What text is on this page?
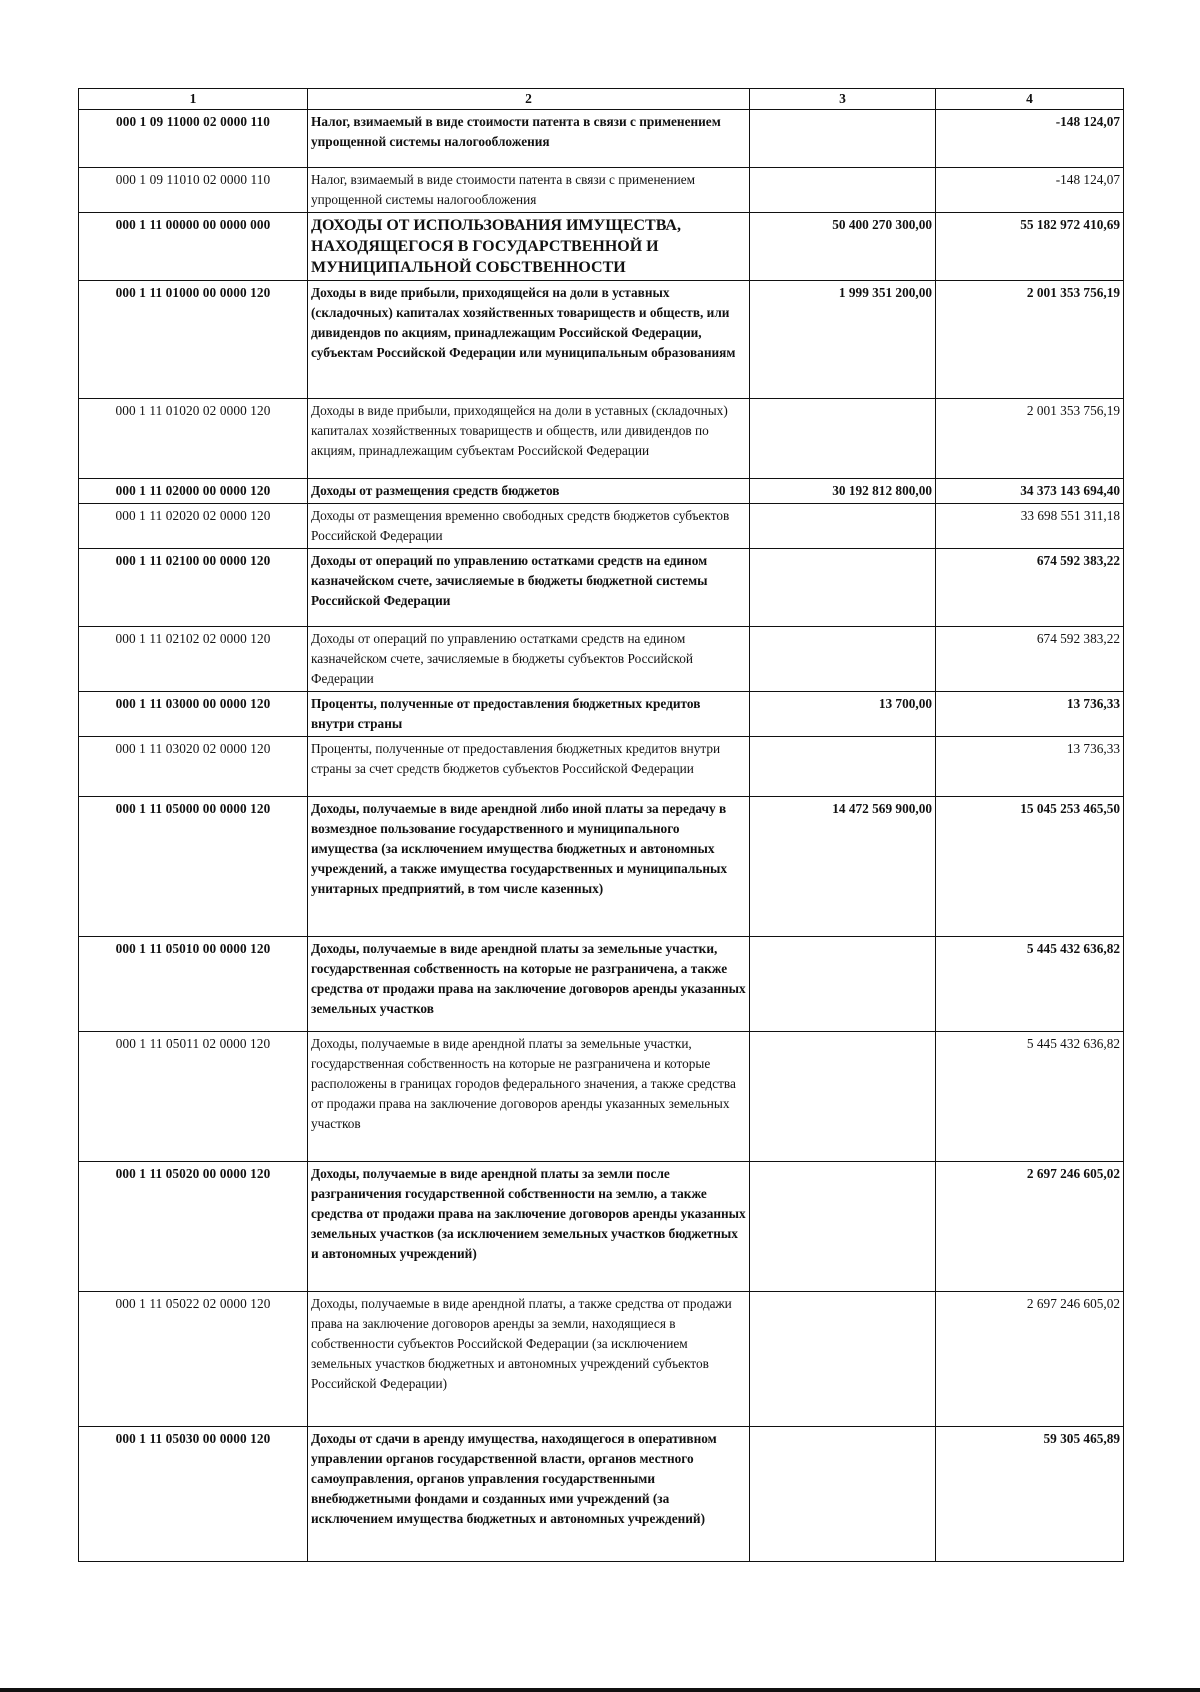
1	2	3	4
000 1 09 11000 02 0000 110	Налог, взимаемый в виде стоимости патента в связи с применением упрощенной системы налогообложения		-148 124,07
000 1 09 11010 02 0000 110	Налог, взимаемый в виде стоимости патента в связи с применением упрощенной системы налогообложения		-148 124,07
000 1 11 00000 00 0000 000	ДОХОДЫ ОТ ИСПОЛЬЗОВАНИЯ ИМУЩЕСТВА, НАХОДЯЩЕГОСЯ В ГОСУДАРСТВЕННОЙ И МУНИЦИПАЛЬНОЙ СОБСТВЕННОСТИ	50 400 270 300,00	55 182 972 410,69
000 1 11 01000 00 0000 120	Доходы в виде прибыли, приходящейся на доли в уставных (складочных) капиталах хозяйственных товариществ и обществ, или дивидендов по акциям, принадлежащим Российской Федерации, субъектам Российской Федерации или муниципальным образованиям	1 999 351 200,00	2 001 353 756,19
000 1 11 01020 02 0000 120	Доходы в виде прибыли, приходящейся на доли в уставных (складочных) капиталах хозяйственных товариществ и обществ, или дивидендов по акциям, принадлежащим субъектам Российской Федерации		2 001 353 756,19
000 1 11 02000 00 0000 120	Доходы от размещения средств бюджетов	30 192 812 800,00	34 373 143 694,40
000 1 11 02020 02 0000 120	Доходы от размещения временно свободных средств бюджетов субъектов Российской Федерации		33 698 551 311,18
000 1 11 02100 00 0000 120	Доходы от операций по управлению остатками средств на едином казначейском счете, зачисляемые в бюджеты бюджетной системы Российской Федерации		674 592 383,22
000 1 11 02102 02 0000 120	Доходы от операций по управлению остатками средств на едином казначейском счете, зачисляемые в бюджеты субъектов Российской Федерации		674 592 383,22
000 1 11 03000 00 0000 120	Проценты, полученные от предоставления бюджетных кредитов внутри страны	13 700,00	13 736,33
000 1 11 03020 02 0000 120	Проценты, полученные от предоставления бюджетных кредитов внутри страны за счет средств бюджетов субъектов Российской Федерации		13 736,33
000 1 11 05000 00 0000 120	Доходы, получаемые в виде арендной либо иной платы за передачу в возмездное пользование государственного и муниципального имущества (за исключением имущества бюджетных и автономных учреждений, а также имущества государственных и муниципальных унитарных предприятий, в том числе казенных)	14 472 569 900,00	15 045 253 465,50
000 1 11 05010 00 0000 120	Доходы, получаемые в виде арендной платы за земельные участки, государственная собственность на которые не разграничена, а также средства от продажи права на заключение договоров аренды указанных земельных участков		5 445 432 636,82
000 1 11 05011 02 0000 120	Доходы, получаемые в виде арендной платы за земельные участки, государственная собственность на которые не разграничена и которые расположены в границах городов федерального значения, а также средства от продажи права на заключение договоров аренды указанных земельных участков		5 445 432 636,82
000 1 11 05020 00 0000 120	Доходы, получаемые в виде арендной платы за земли после разграничения государственной собственности на землю, а также средства от продажи права на заключение договоров аренды указанных земельных участков (за исключением земельных участков бюджетных и автономных учреждений)		2 697 246 605,02
000 1 11 05022 02 0000 120	Доходы, получаемые в виде арендной платы, а также средства от продажи права на заключение договоров аренды за земли, находящиеся в собственности субъектов Российской Федерации (за исключением земельных участков бюджетных и автономных учреждений субъектов Российской Федерации)		2 697 246 605,02
000 1 11 05030 00 0000 120	Доходы от сдачи в аренду имущества, находящегося в оперативном управлении органов государственной власти, органов местного самоуправления, органов управления государственными внебюджетными фондами и созданных ими учреждений (за исключением имущества бюджетных и автономных учреждений)		59 305 465,89
